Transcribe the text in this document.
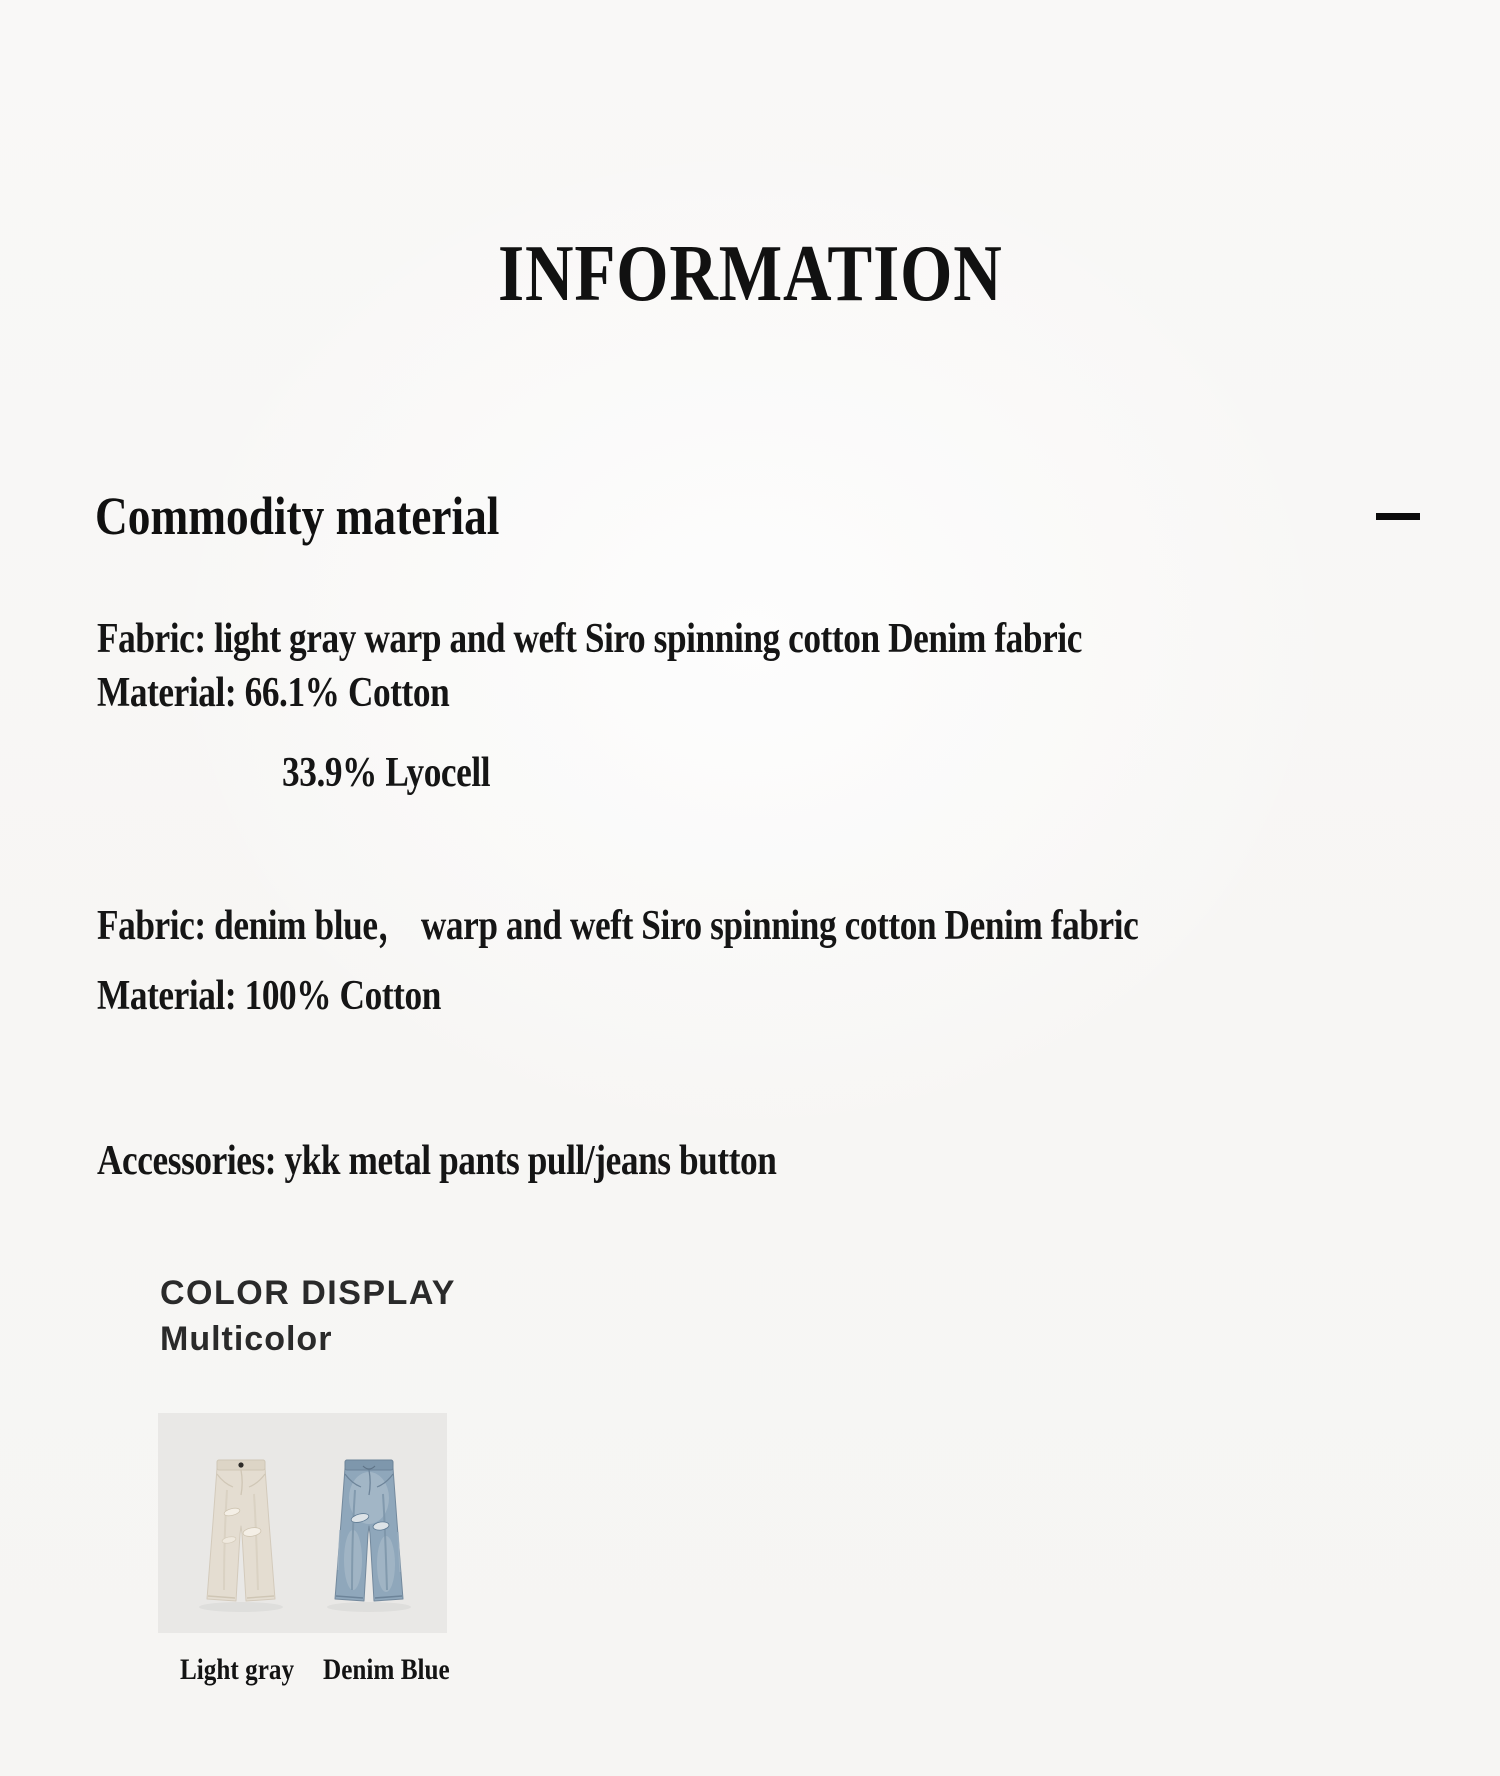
INFORMATION
Commodity material
Fabric: light gray warp and weft Siro spinning cotton Denim fabric
Material: 66.1% Cotton
33.9% Lyocell
Fabric: denim blue， warp and weft Siro spinning cotton Denim fabric
Material: 100% Cotton
Accessories: ykk metal pants pull/jeans button
COLOR DISPLAY
Multicolor
Light gray Denim Blue
